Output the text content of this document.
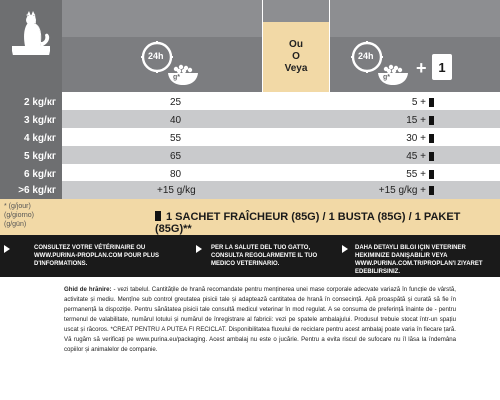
Ou
O
Veya
24h
g*
24h
g* + 1
2 kg/кг	25	5 +
3 kg/кг	40	15 +
4 kg/кг	55	30 +
5 kg/кг	65	45 +
6 kg/кг	80	55 +
>6 kg/кг	+15 g/kg	+15 g/kg +
* (g/jour)
(g/giorno)
(g/gün)
1 SACHET FRAÎCHEUR (85G) / 1 BUSTA (85G) / 1 PAKET (85G)**
CONSULTEZ VOTRE VÉTÉRINAIRE OU WWW.PURINA-PROPLAN.COM POUR PLUS D'INFORMATIONS.
PER LA SALUTE DEL TUO GATTO, CONSULTA REGOLARMENTE IL TUO MEDICO VETERINARIO.
DAHA DETAYLI BILGI IÇIN VETERINER HEKIMINIZE DANIŞABILIR VEYA WWW.PURINA.COM.TR/PROPLAN'I ZIYARET EDEBILIRSINIZ.
Ghid de hrănire: - vezi tabelul. Cantitățile de hrană recomandate pentru menținerea unei mase corporale adecvate variază în funcție de vârstă, activitate și mediu. Mențîne sub control greutatea pisicii tale și adaptează cantitatea de hrană în consecință. Apă proaspătă și curată să fie în permanență la dispoziție. Pentru sănătatea pisicii tale consultă medicul veterinar în mod regulat. A se consuma de preferință înainte de - pentru termenul de valabilitate, numărul lotului și numărul de înregistrare al fabricii: vezi pe spatele ambalajului. Produsul trebuie stocat într-un spațiu uscat și răcoros. *CREAT PENTRU A PUTEA FI RECICLAT. Disponibilitatea fluxului de reciclare pentru acest ambalaj poate varia în fiecare țară. Vă rugăm să verificați pe www.purina.eu/packaging. Acest ambalaj nu este o jucărie. Pentru a evita riscul de sufocare nu îl lăsa la îndemâna copiilor și animalelor de companie.
